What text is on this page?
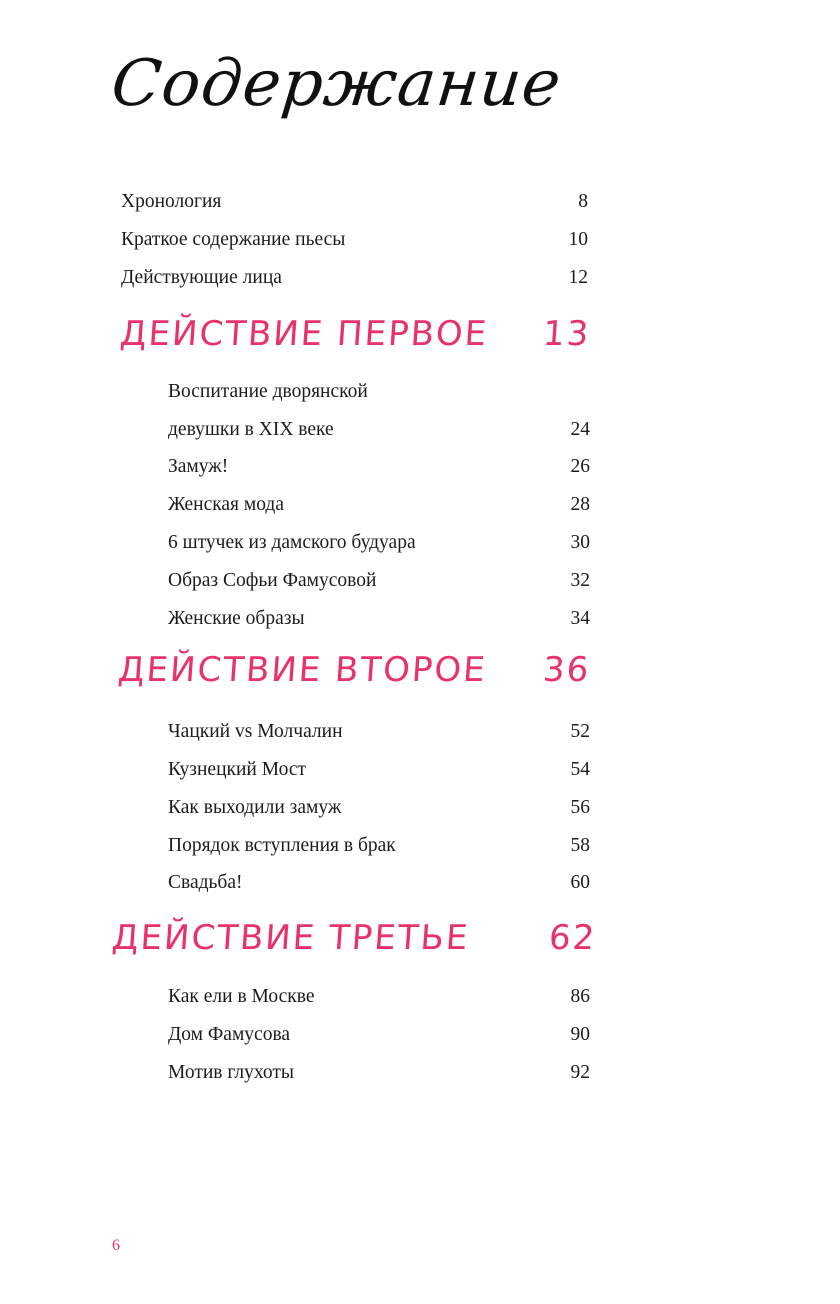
Содержание
Хронология	8
Краткое содержание пьесы	10
Действующие лица	12
ДЕЙСТВИЕ ПЕРВОЕ 13
Воспитание дворянской
девушки в XIX веке	24
Замуж!	26
Женская мода	28
6 штучек из дамского будуара	30
Образ Софьи Фамусовой	32
Женские образы	34
ДЕЙСТВИЕ ВТОРОЕ 36
Чацкий vs Молчалин	52
Кузнецкий Мост	54
Как выходили замуж	56
Порядок вступления в брак	58
Свадьба!	60
ДЕЙСТВИЕ ТРЕТЬЕ 62
Как ели в Москве	86
Дом Фамусова	90
Мотив глухоты	92
6
